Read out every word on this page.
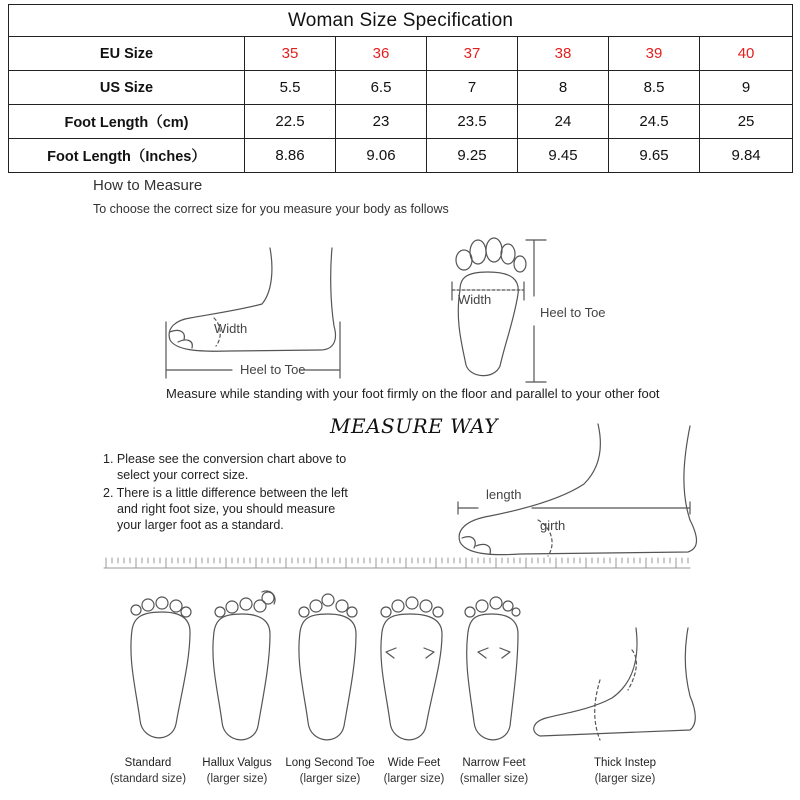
Woman Size Specification						
EU Size	35	36	37	38	39	40
US Size	5.5	6.5	7	8	8.5	9
Foot Length（cm)	22.5	23	23.5	24	24.5	25
Foot Length（Inches）	8.86	9.06	9.25	9.45	9.65	9.84
How to Measure
To choose the correct size for you measure your body as follows
Width
Heel to Toe
Width
Heel to Toe
Measure while standing with your foot firmly on the floor and parallel to your other foot
MEASURE WAY
1. Please see the conversion chart above to
select your correct size.
2. There is a little difference between the left
and right foot size, you should measure
your larger foot as a standard.
length
girth
Standard
(standard size)
Hallux Valgus
(larger size)
Long Second Toe
(larger size)
Wide Feet
(larger size)
Narrow Feet
(smaller size)
Thick Instep
(larger size)
